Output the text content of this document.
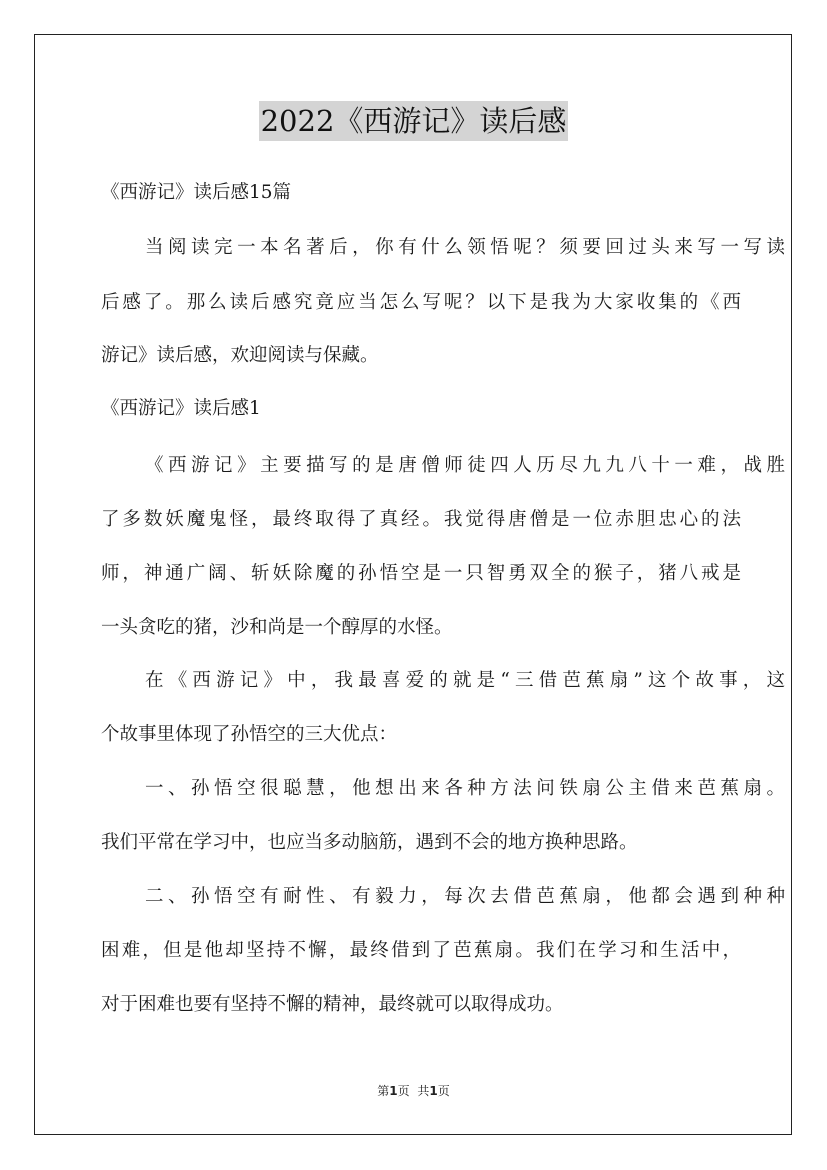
2022《西游记》读后感
《西游记》读后感15篇
当阅读完一本名著后，你有什么领悟呢？须要回过头来写一写读
后感了。那么读后感究竟应当怎么写呢？以下是我为大家收集的《西
游记》读后感，欢迎阅读与保藏。
《西游记》读后感1
《西游记》主要描写的是唐僧师徒四人历尽九九八十一难，战胜
了多数妖魔鬼怪，最终取得了真经。我觉得唐僧是一位赤胆忠心的法
师，神通广阔、斩妖除魔的孙悟空是一只智勇双全的猴子，猪八戒是
一头贪吃的猪，沙和尚是一个醇厚的水怪。
在《西游记》中，我最喜爱的就是“三借芭蕉扇”这个故事，这
个故事里体现了孙悟空的三大优点：
一、孙悟空很聪慧，他想出来各种方法问铁扇公主借来芭蕉扇。
我们平常在学习中，也应当多动脑筋，遇到不会的地方换种思路。
二、孙悟空有耐性、有毅力，每次去借芭蕉扇，他都会遇到种种
困难，但是他却坚持不懈，最终借到了芭蕉扇。我们在学习和生活中，
对于困难也要有坚持不懈的精神，最终就可以取得成功。
第1页 共1页
